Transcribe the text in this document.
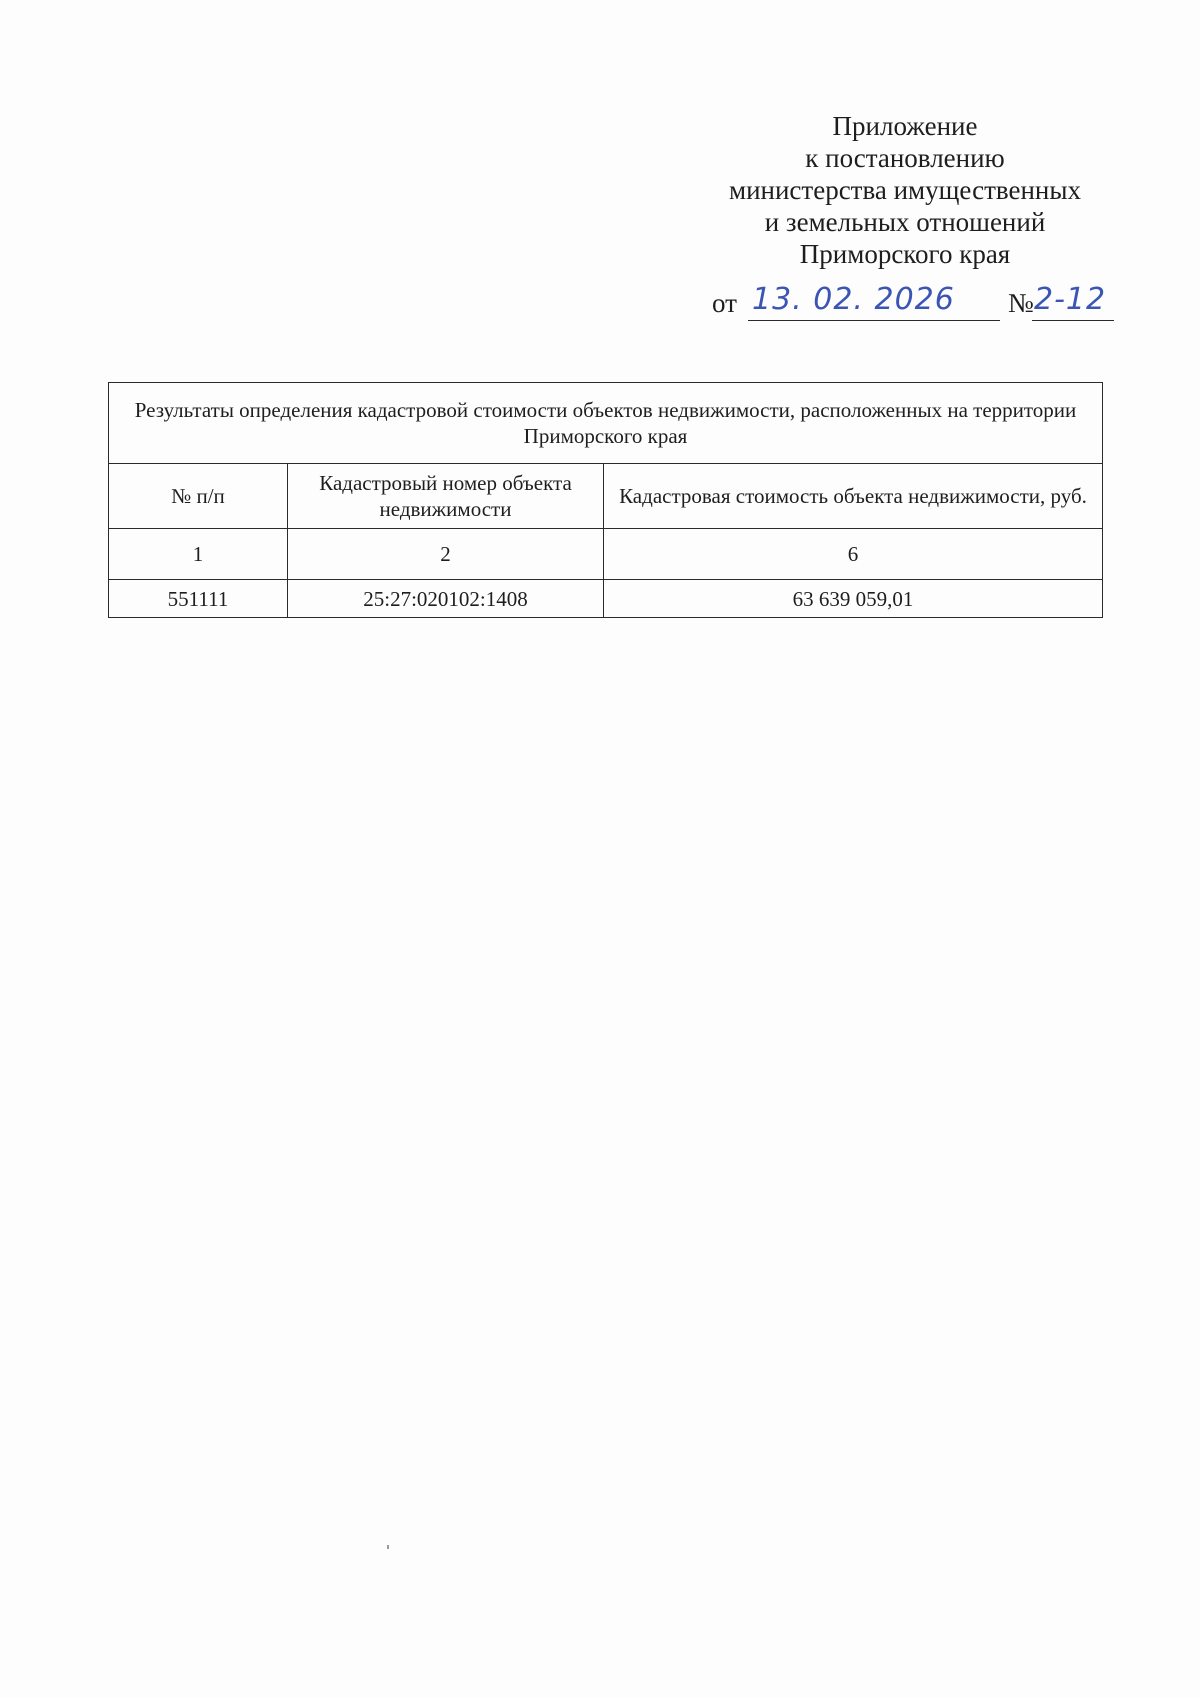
Приложение
к постановлению
министерства имущественных
и земельных отношений
Приморского края
от 13. 02. 2026 № 2-12
Результаты определения кадастровой стоимости объектов недвижимости, расположенных на территории Приморского края		
№ п/п	Кадастровый номер объекта недвижимости	Кадастровая стоимость объекта недвижимости, руб.
1	2	6
551111	25:27:020102:1408	63 639 059,01
